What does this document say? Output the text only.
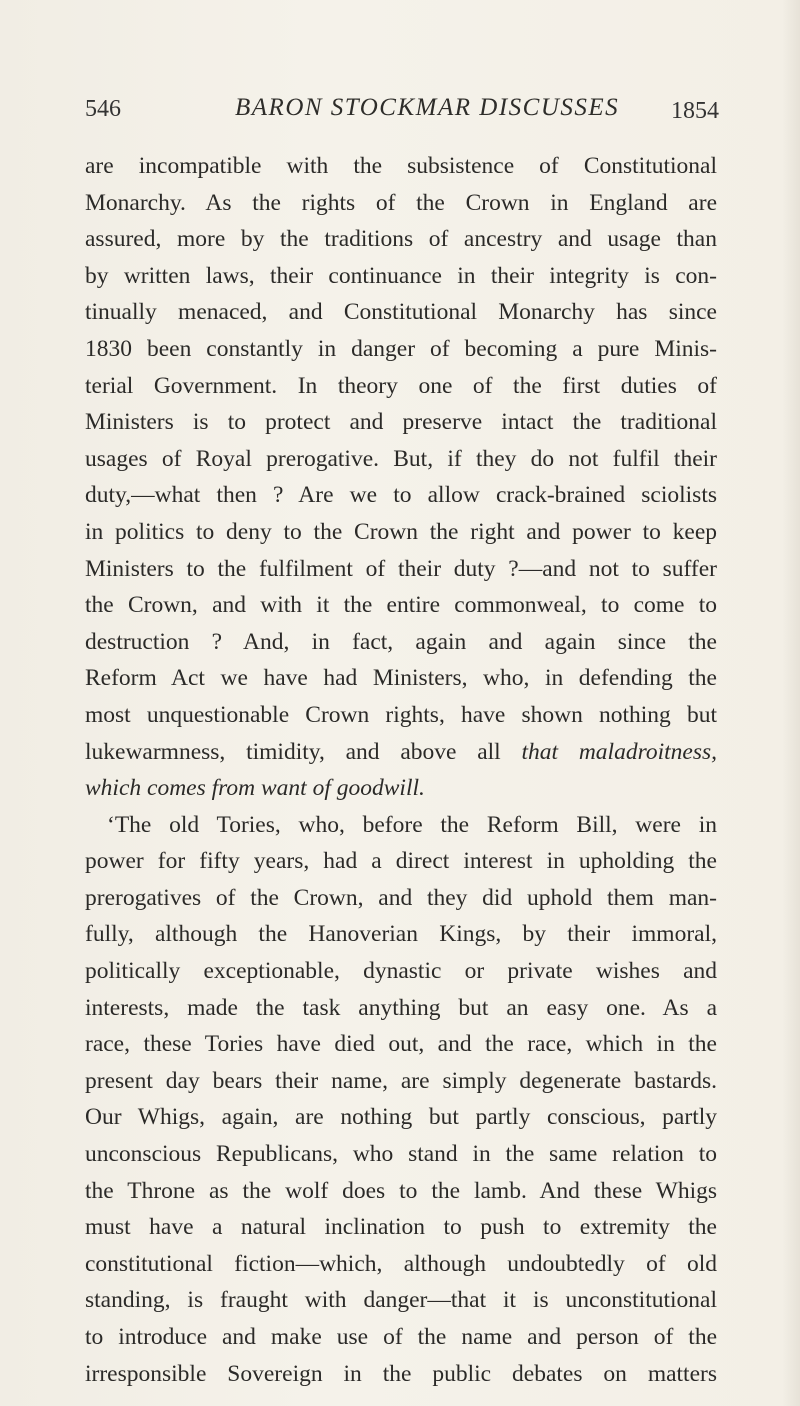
546	BARON STOCKMAR DISCUSSES 1854
are incompatible with the subsistence of Constitutional
Monarchy. As the rights of the Crown in England are
assured, more by the traditions of ancestry and usage than
by written laws, their continuance in their integrity is con-
tinually menaced, and Constitutional Monarchy has since
1830 been constantly in danger of becoming a pure Minis-
terial Government. In theory one of the first duties of
Ministers is to protect and preserve intact the traditional
usages of Royal prerogative. But, if they do not fulfil their
duty,—what then ? Are we to allow crack-brained sciolists
in politics to deny to the Crown the right and power to keep
Ministers to the fulfilment of their duty ?—and not to suffer
the Crown, and with it the entire commonweal, to come to
destruction ? And, in fact, again and again since the
Reform Act we have had Ministers, who, in defending the
most unquestionable Crown rights, have shown nothing but
lukewarmness, timidity, and above all that maladroitness,
which comes from want of goodwill.
‘The old Tories, who, before the Reform Bill, were in
power for fifty years, had a direct interest in upholding the
prerogatives of the Crown, and they did uphold them man-
fully, although the Hanoverian Kings, by their immoral,
politically exceptionable, dynastic or private wishes and
interests, made the task anything but an easy one. As a
race, these Tories have died out, and the race, which in the
present day bears their name, are simply degenerate bastards.
Our Whigs, again, are nothing but partly conscious, partly
unconscious Republicans, who stand in the same relation to
the Throne as the wolf does to the lamb. And these Whigs
must have a natural inclination to push to extremity the
constitutional fiction—which, although undoubtedly of old
standing, is fraught with danger—that it is unconstitutional
to introduce and make use of the name and person of the
irresponsible Sovereign in the public debates on matters
